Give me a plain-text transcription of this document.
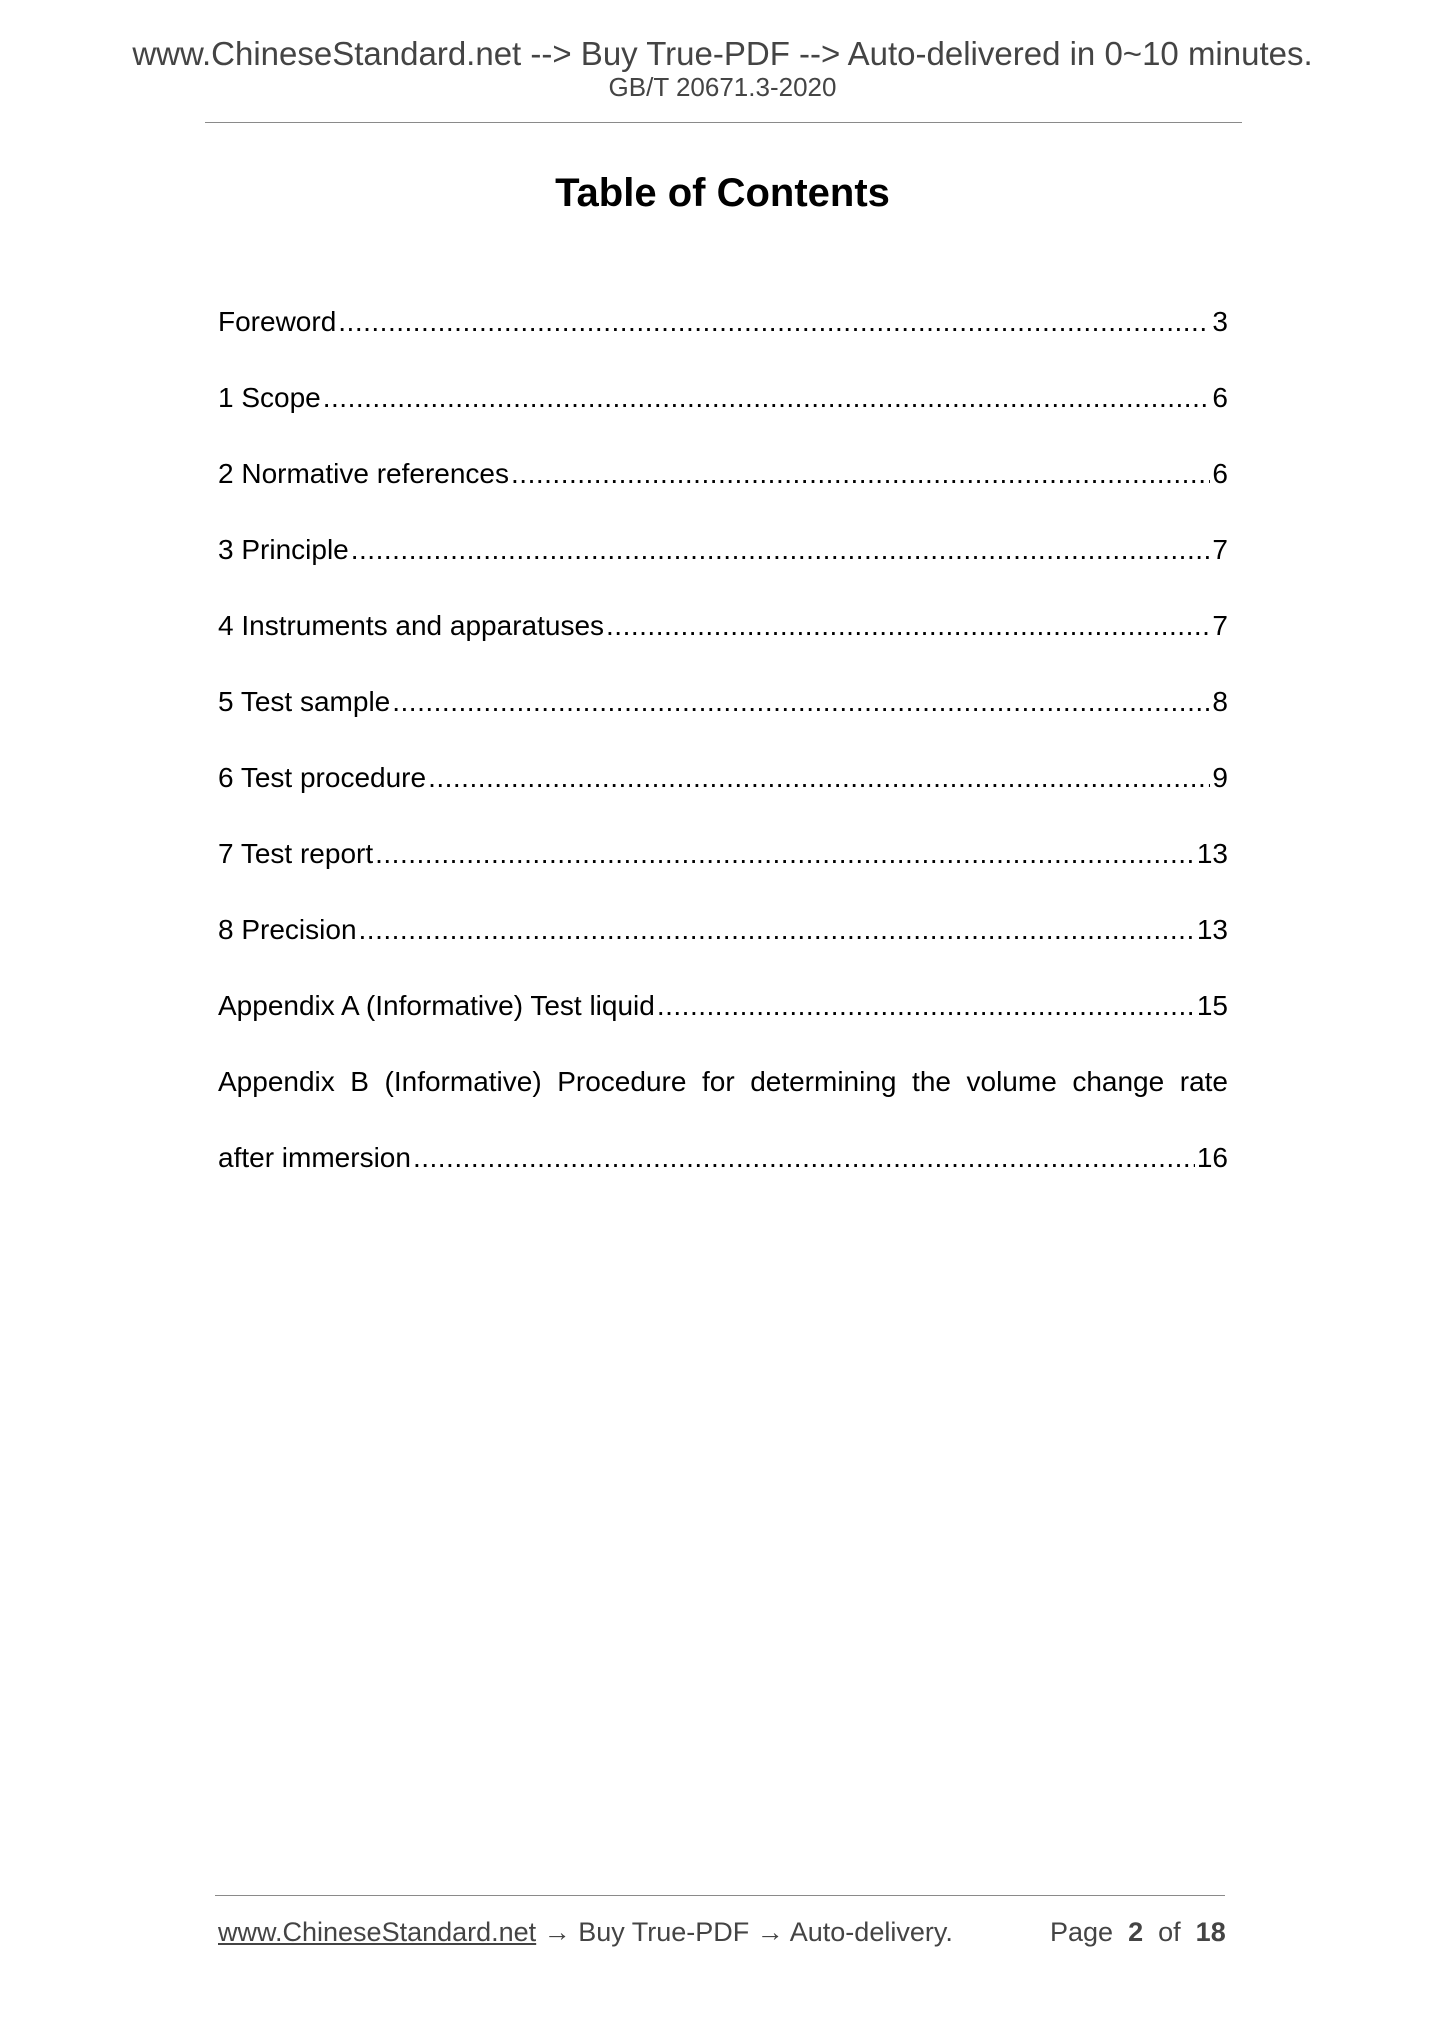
www.ChineseStandard.net --> Buy True-PDF --> Auto-delivered in 0~10 minutes.
GB/T 20671.3-2020
Table of Contents
Foreword .....	3
1 Scope .....	6
2 Normative references .....	6
3 Principle .....	7
4 Instruments and apparatuses .....	7
5 Test sample .....	8
6 Test procedure .....	9
7 Test report .....	13
8 Precision .....	13
Appendix A (Informative) Test liquid .....	15
Appendix B (Informative) Procedure for determining the volume change rate
after immersion .....	16
www.ChineseStandard.net → Buy True-PDF → Auto-delivery.	Page 2 of 18
